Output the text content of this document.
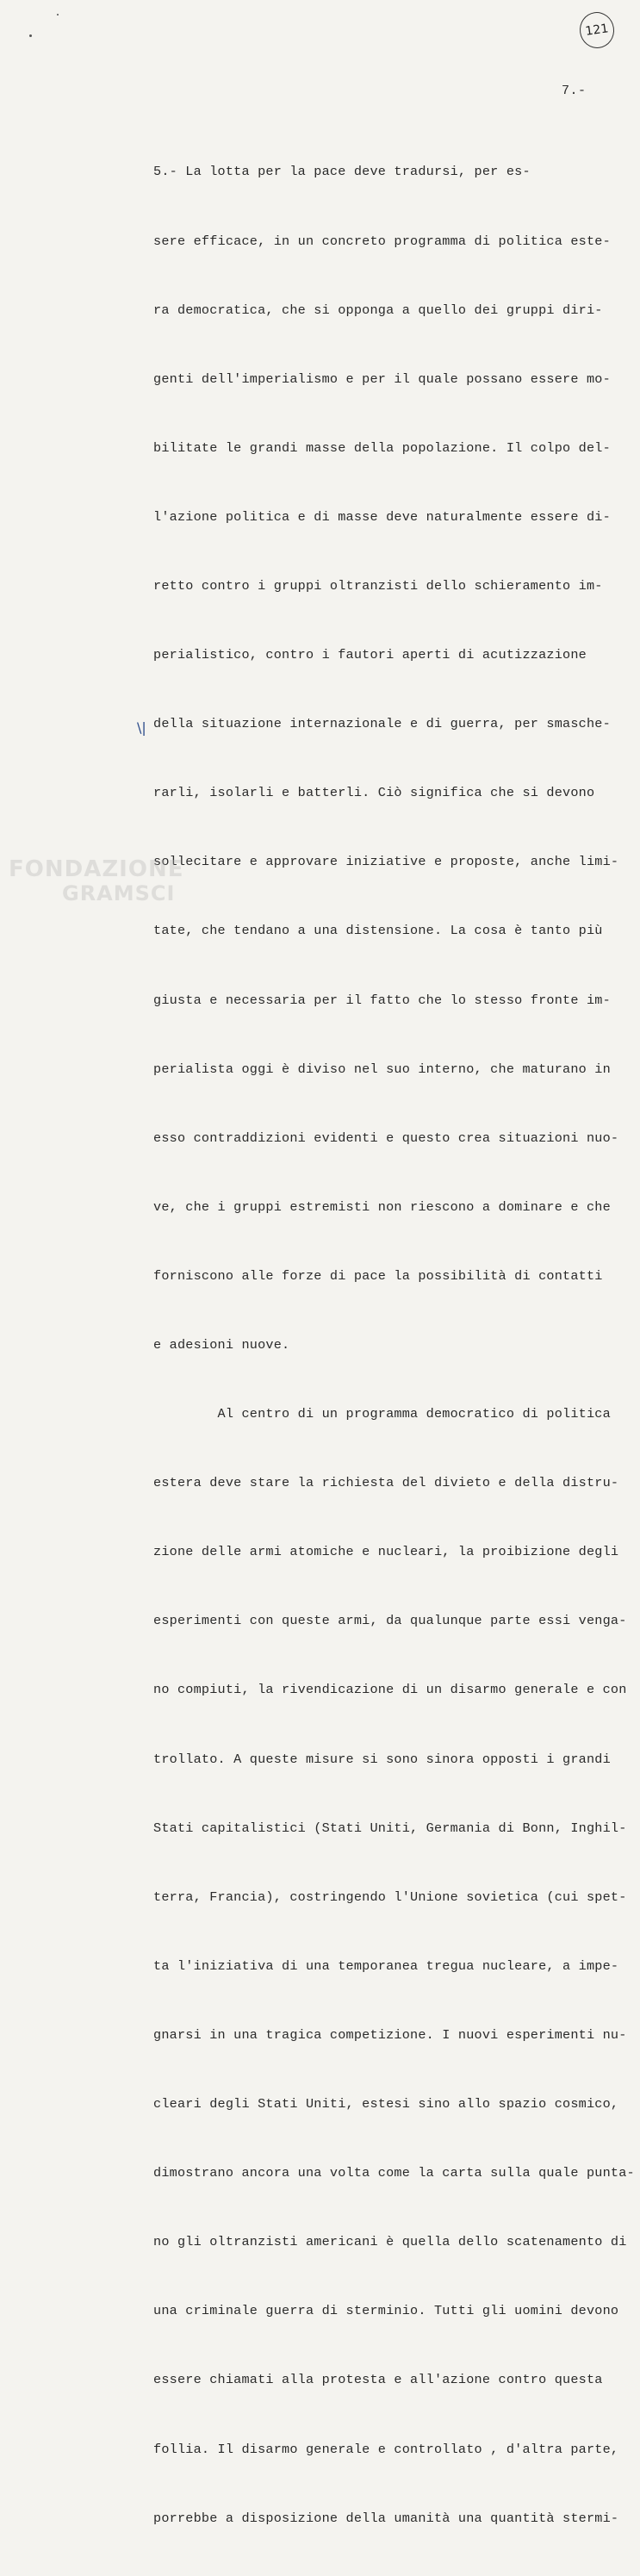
121
7.-
\|

5.- La lotta per la pace deve tradursi, per es-

sere efficace, in un concreto programma di politica este-

ra democratica, che si opponga a quello dei gruppi diri-

genti dell'imperialismo e per il quale possano essere mo-

bilitate le grandi masse della popolazione. Il colpo del-

l'azione politica e di masse deve naturalmente essere di-

retto contro i gruppi oltranzisti dello schieramento im-

perialistico, contro i fautori aperti di acutizzazione

della situazione internazionale e di guerra, per smasche-

rarli, isolarli e batterli. Ciò significa che si devono

sollecitare e approvare iniziative e proposte, anche limi-

tate, che tendano a una distensione. La cosa è tanto più

giusta e necessaria per il fatto che lo stesso fronte im-

perialista oggi è diviso nel suo interno, che maturano in

esso contraddizioni evidenti e questo crea situazioni nuo-

ve, che i gruppi estremisti non riescono a dominare e che

forniscono alle forze di pace la possibilità di contatti

e adesioni nuove.

Al centro di un programma democratico di politica

estera deve stare la richiesta del divieto e della distru-

zione delle armi atomiche e nucleari, la proibizione degli

esperimenti con queste armi, da qualunque parte essi venga-

no compiuti, la rivendicazione di un disarmo generale e con

trollato. A queste misure si sono sinora opposti i grandi

Stati capitalistici (Stati Uniti, Germania di Bonn, Inghil-

terra, Francia), costringendo l'Unione sovietica (cui spet-

ta l'iniziativa di una temporanea tregua nucleare, a impe-

gnarsi in una tragica competizione. I nuovi esperimenti nu-

cleari degli Stati Uniti, estesi sino allo spazio cosmico,

dimostrano ancora una volta come la carta sulla quale punta-

no gli oltranzisti americani è quella dello scatenamento di

una criminale guerra di sterminio. Tutti gli uomini devono

essere chiamati alla protesta e all'azione contro questa

follia. Il disarmo generale e controllato , d'altra parte,

porrebbe a disposizione della umanità una quantità stermi-

FONDAZIONE
GRAMSCI
